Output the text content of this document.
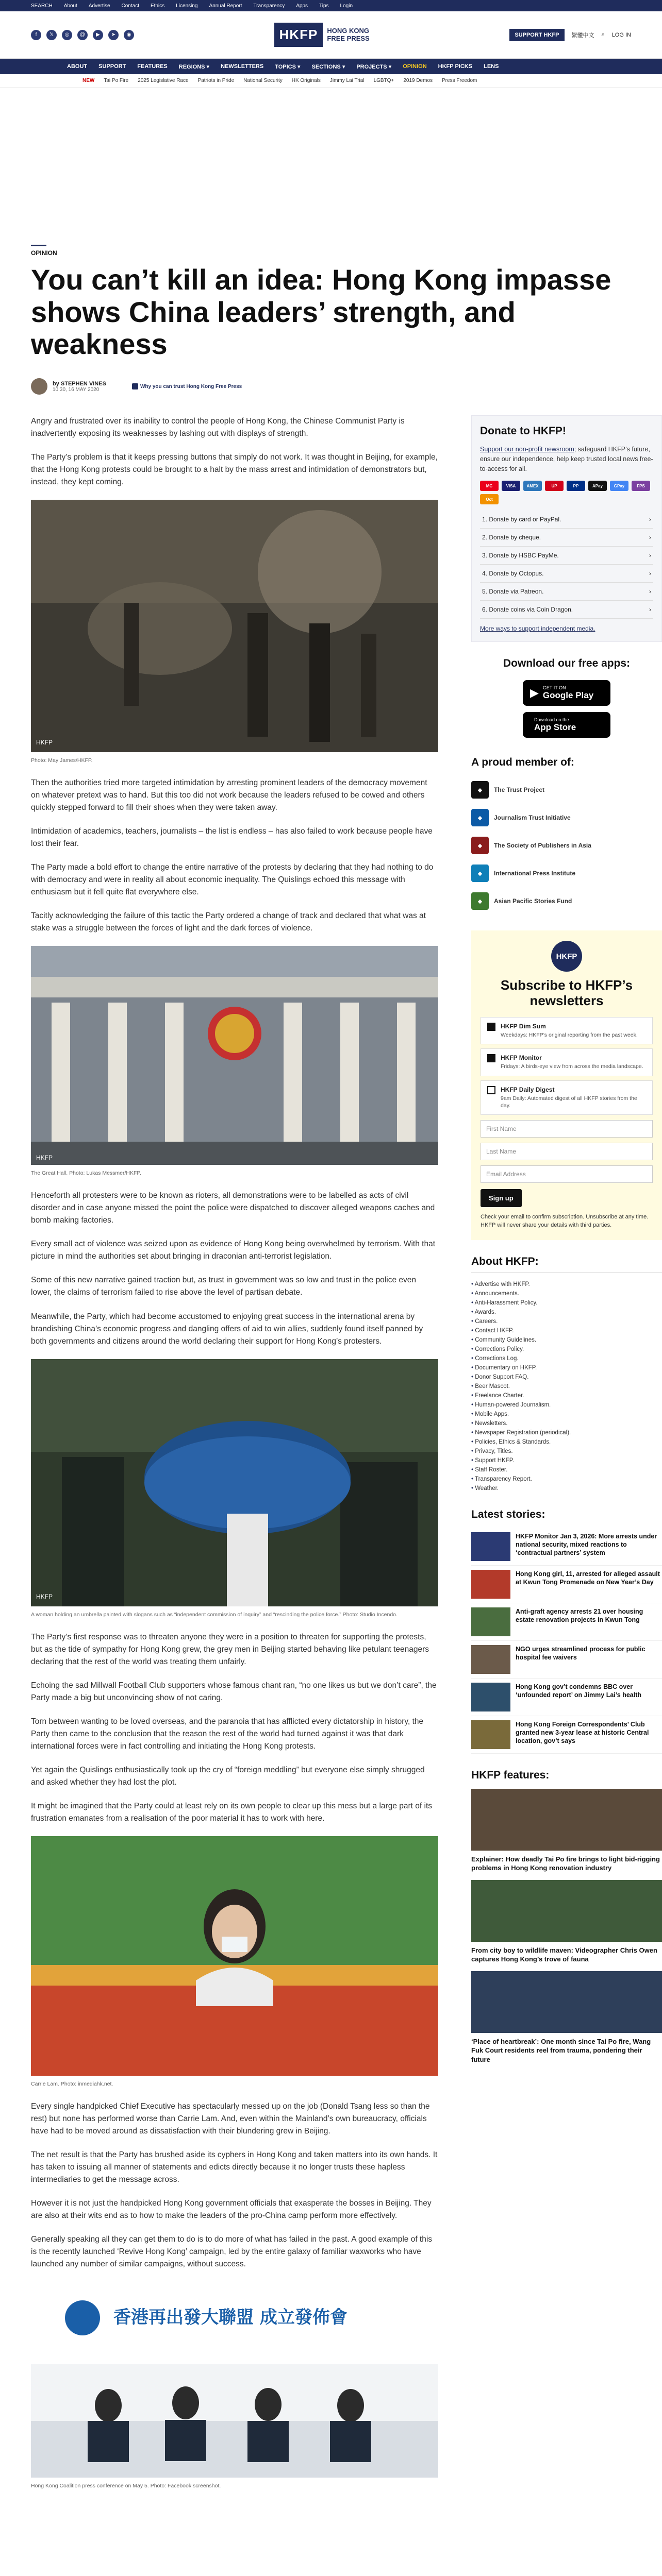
SEARCH About Advertise Contact Ethics Licensing Annual Report Transparency Apps Tips Login
f	𝕏	◎	@	▶	➤	◉	HKFP	HONG KONG
FREE PRESS	SUPPORT HKFP	繁體中文 ⌕ LOG IN
ABOUT SUPPORT FEATURES REGIONS ▾ NEWSLETTERS TOPICS ▾ SECTIONS ▾ PROJECTS ▾ OPINION HKFP PICKS LENS
NEW Tai Po Fire 2025 Legislative Race Patriots in Pride National Security HK Originals Jimmy Lai Trial LGBTQ+ 2019 Demos Press Freedom
OPINION
You can’t kill an idea: Hong Kong impasse shows China leaders’ strength, and weakness
by STEPHEN VINES
10:30, 16 MAY 2020
Why you can trust Hong Kong Free Press

Angry and frustrated over its inability to control the people of Hong Kong, the Chinese Communist Party is inadvertently exposing its weaknesses by lashing out with displays of strength.

The Party’s problem is that it keeps pressing buttons that simply do not work. It was thought in Beijing, for example, that the Hong Kong protests could be brought to a halt by the mass arrest and intimidation of demonstrators but, instead, they kept coming.

HKFP
Photo: May James/HKFP.

Then the authorities tried more targeted intimidation by arresting prominent leaders of the democracy movement on whatever pretext was to hand. But this too did not work because the leaders refused to be cowed and others quickly stepped forward to fill their shoes when they were taken away.

Intimidation of academics, teachers, journalists – the list is endless – has also failed to work because people have lost their fear.

The Party made a bold effort to change the entire narrative of the protests by declaring that they had nothing to do with democracy and were in reality all about economic inequality. The Quislings echoed this message with enthusiasm but it fell quite flat everywhere else.

Tacitly acknowledging the failure of this tactic the Party ordered a change of track and declared that what was at stake was a struggle between the forces of light and the dark forces of violence.

HKFP
The Great Hall. Photo: Lukas Messmer/HKFP.

Henceforth all protesters were to be known as rioters, all demonstrations were to be labelled as acts of civil disorder and in case anyone missed the point the police were dispatched to discover alleged weapons caches and bomb making factories.

Every small act of violence was seized upon as evidence of Hong Kong being overwhelmed by terrorism. With that picture in mind the authorities set about bringing in draconian anti-terrorist legislation.

Some of this new narrative gained traction but, as trust in government was so low and trust in the police even lower, the claims of terrorism failed to rise above the level of partisan debate.

Meanwhile, the Party, which had become accustomed to enjoying great success in the international arena by brandishing China’s economic progress and dangling offers of aid to win allies, suddenly found itself panned by both governments and citizens around the world declaring their support for Hong Kong’s protesters.

HKFP
A woman holding an umbrella painted with slogans such as “independent commission of inquiry” and “rescinding the police force.” Photo: Studio Incendo.

The Party’s first response was to threaten anyone they were in a position to threaten for supporting the protests, but as the tide of sympathy for Hong Kong grew, the grey men in Beijing started behaving like petulant teenagers declaring that the rest of the world was treating them unfairly.

Echoing the sad Millwall Football Club supporters whose famous chant ran, “no one likes us but we don’t care”, the Party made a big but unconvincing show of not caring.

Torn between wanting to be loved overseas, and the paranoia that has afflicted every dictatorship in history, the Party then came to the conclusion that the reason the rest of the world had turned against it was that dark international forces were in fact controlling and initiating the Hong Kong protests.

Yet again the Quislings enthusiastically took up the cry of “foreign meddling” but everyone else simply shrugged and asked whether they had lost the plot.

It might be imagined that the Party could at least rely on its own people to clear up this mess but a large part of its frustration emanates from a realisation of the poor material it has to work with here.

Carrie Lam. Photo: inmediahk.net.

Every single handpicked Chief Executive has spectacularly messed up on the job (Donald Tsang less so than the rest) but none has performed worse than Carrie Lam. And, even within the Mainland’s own bureaucracy, officials have had to be moved around as dissatisfaction with their blundering grew in Beijing.

The net result is that the Party has brushed aside its cyphers in Hong Kong and taken matters into its own hands. It has taken to issuing all manner of statements and edicts directly because it no longer trusts these hapless intermediaries to get the message across.

However it is not just the handpicked Hong Kong government officials that exasperate the bosses in Beijing. They are also at their wits end as to how to make the leaders of the pro-China camp perform more effectively.

Generally speaking all they can get them to do is to do more of what has failed in the past. A good example of this is the recently launched ‘Revive Hong Kong’ campaign, led by the entire galaxy of familiar waxworks who have launched any number of similar campaigns, without success.

香港再出發大聯盟 成立發佈會
Hong Kong Coalition press conference on May 5. Photo: Facebook screenshot.
Donate to HKFP!

Support our non-profit newsroom; safeguard HKFP’s future, ensure our independence, help keep trusted local news free-to-access for all.

MC	VISA	AMEX	UP	PP	APay	GPay	FPS
Oct
1. Donate by card or PayPal.	›
2. Donate by cheque.	›
3. Donate by HSBC PayMe.	›
4. Donate by Octopus.	›
5. Donate via Patreon.	›
6. Donate coins via Coin Dragon.	›
More ways to support independent media.
Download our free apps:
▶ GET IT ON
Google Play

Download on the
App Store
A proud member of:
◆	The Trust Project
◆	Journalism Trust Initiative
◆	The Society of Publishers in Asia
◆	International Press Institute
◆	Asian Pacific Stories Fund
HKFP
Subscribe to HKFP’s newsletters
HKFP Dim Sum
Weekdays: HKFP’s original reporting from the past week.
HKFP Monitor
Fridays: A birds-eye view from across the media landscape.
HKFP Daily Digest
9am Daily: Automated digest of all HKFP stories from the day.
First Name
Last Name
Email Address
Sign up
Check your email to confirm subscription. Unsubscribe at any time. HKFP will never share your details with third parties.
About HKFP:
• Advertise with HKFP.
• Announcements.
• Anti-Harassment Policy.
• Awards.
• Careers.
• Contact HKFP.
• Community Guidelines.
• Corrections Policy.
• Corrections Log.
• Documentary on HKFP.
• Donor Support FAQ.
• Beer Mascot.
• Freelance Charter.
• Human-powered Journalism.
• Mobile Apps.
• Newsletters.
• Newspaper Registration (periodical).
• Policies, Ethics & Standards.
• Privacy, Titles.
• Support HKFP.
• Staff Roster.
• Transparency Report.
• Weather.
Latest stories:
HKFP Monitor Jan 3, 2026: More arrests under national security, mixed reactions to ‘contractual partners’ system
Hong Kong girl, 11, arrested for alleged assault at Kwun Tong Promenade on New Year’s Day
Anti-graft agency arrests 21 over housing estate renovation projects in Kwun Tong
NGO urges streamlined process for public hospital fee waivers
Hong Kong gov’t condemns BBC over ‘unfounded report’ on Jimmy Lai’s health
Hong Kong Foreign Correspondents’ Club granted new 3-year lease at historic Central location, gov’t says
HKFP features:
Explainer: How deadly Tai Po fire brings to light bid-rigging problems in Hong Kong renovation industry
From city boy to wildlife maven: Videographer Chris Owen captures Hong Kong’s trove of fauna
‘Place of heartbreak’: One month since Tai Po fire, Wang Fuk Court residents reel from trauma, pondering their future
